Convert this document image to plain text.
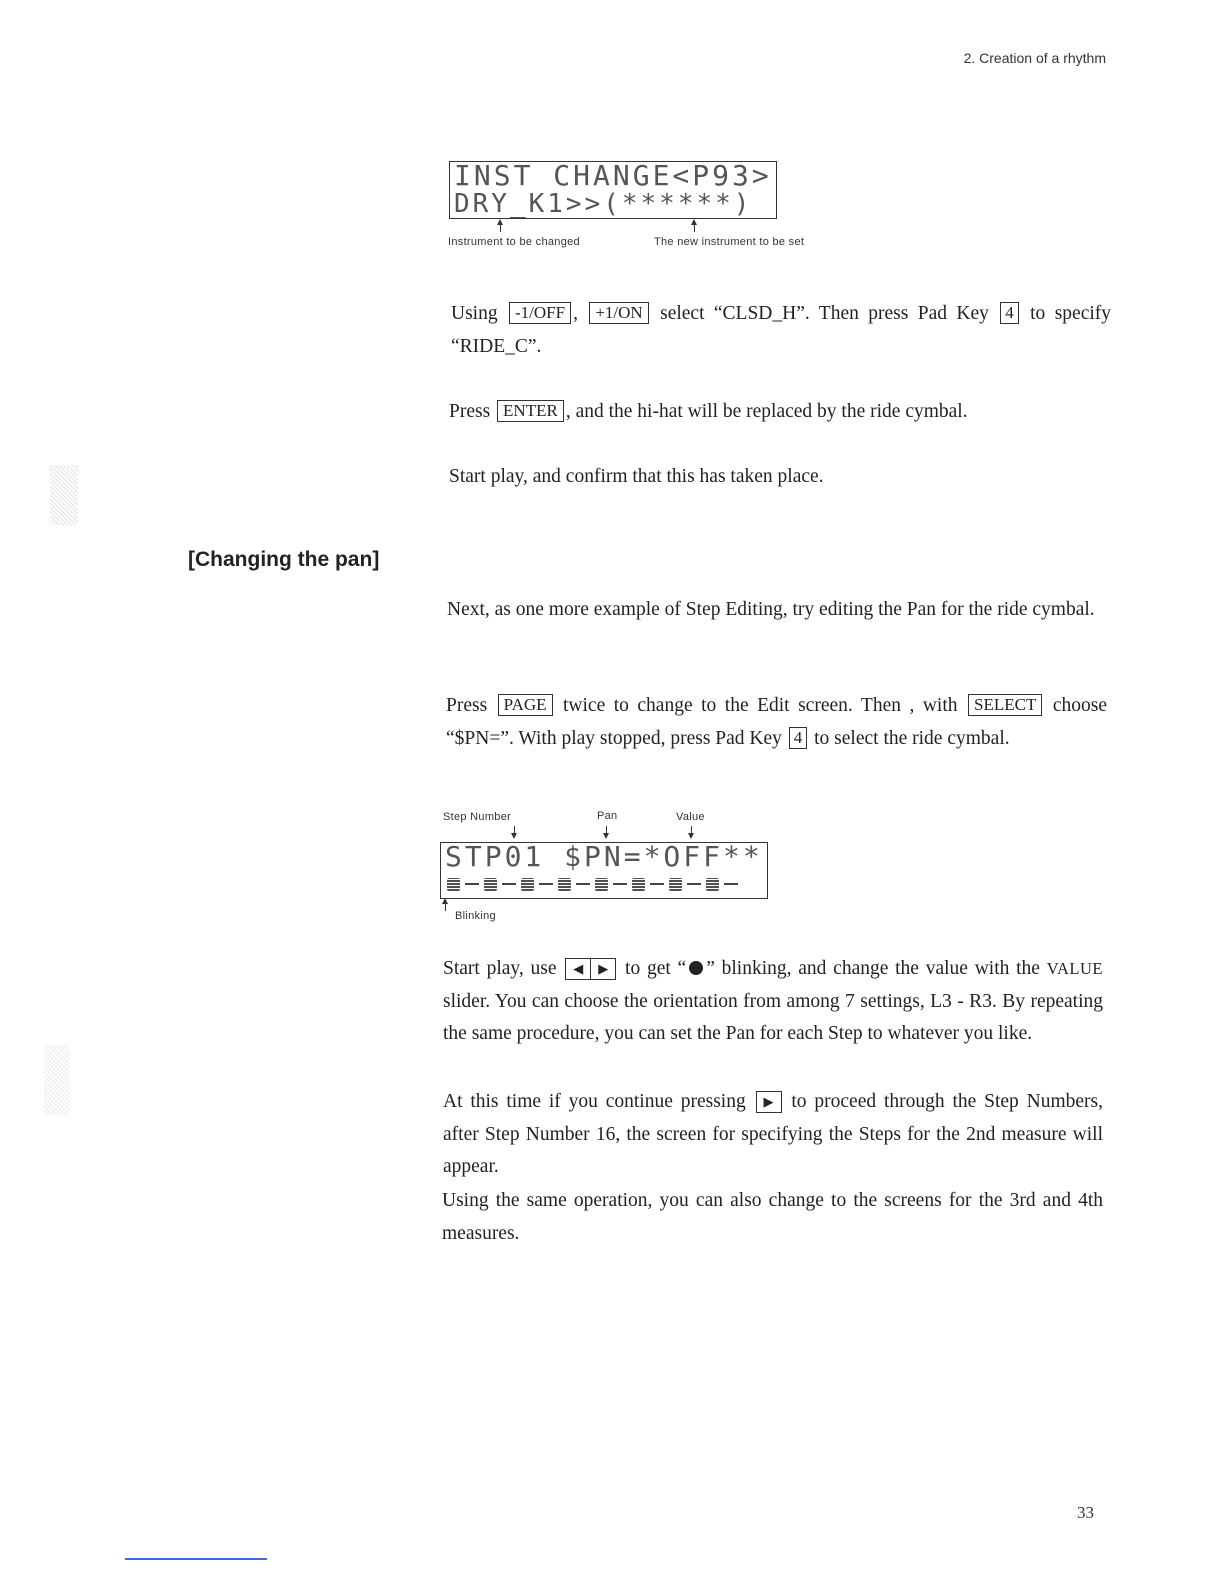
2. Creation of a rhythm
INST CHANGE<P93>
DRY_K1>>(******)
Instrument to be changed	The new instrument to be set
Using -1/OFF , +1/ON select “CLSD_H”. Then press Pad Key 4 to specify “RIDE_C”.
Press ENTER , and the hi-hat will be replaced by the ride cymbal.
Start play, and confirm that this has taken place.
[Changing the pan]
Next, as one more example of Step Editing, try editing the Pan for the ride cymbal.
Press PAGE twice to change to the Edit screen. Then , with SELECT choose “$PN=”. With play stopped, press Pad Key 4 to select the ride cymbal.
Step Number	Pan	Value
STP01 $PN=*OFF**
Blinking
Start play, use ◀ ▶ to get “ ” blinking, and change the value with the VALUE slider. You can choose the orientation from among 7 settings, L3 - R3. By repeating the same procedure, you can set the Pan for each Step to whatever you like.
At this time if you continue pressing ▶ to proceed through the Step Numbers, after Step Number 16, the screen for specifying the Steps for the 2nd measure will appear.
Using the same operation, you can also change to the screens for the 3rd and 4th measures.
33
